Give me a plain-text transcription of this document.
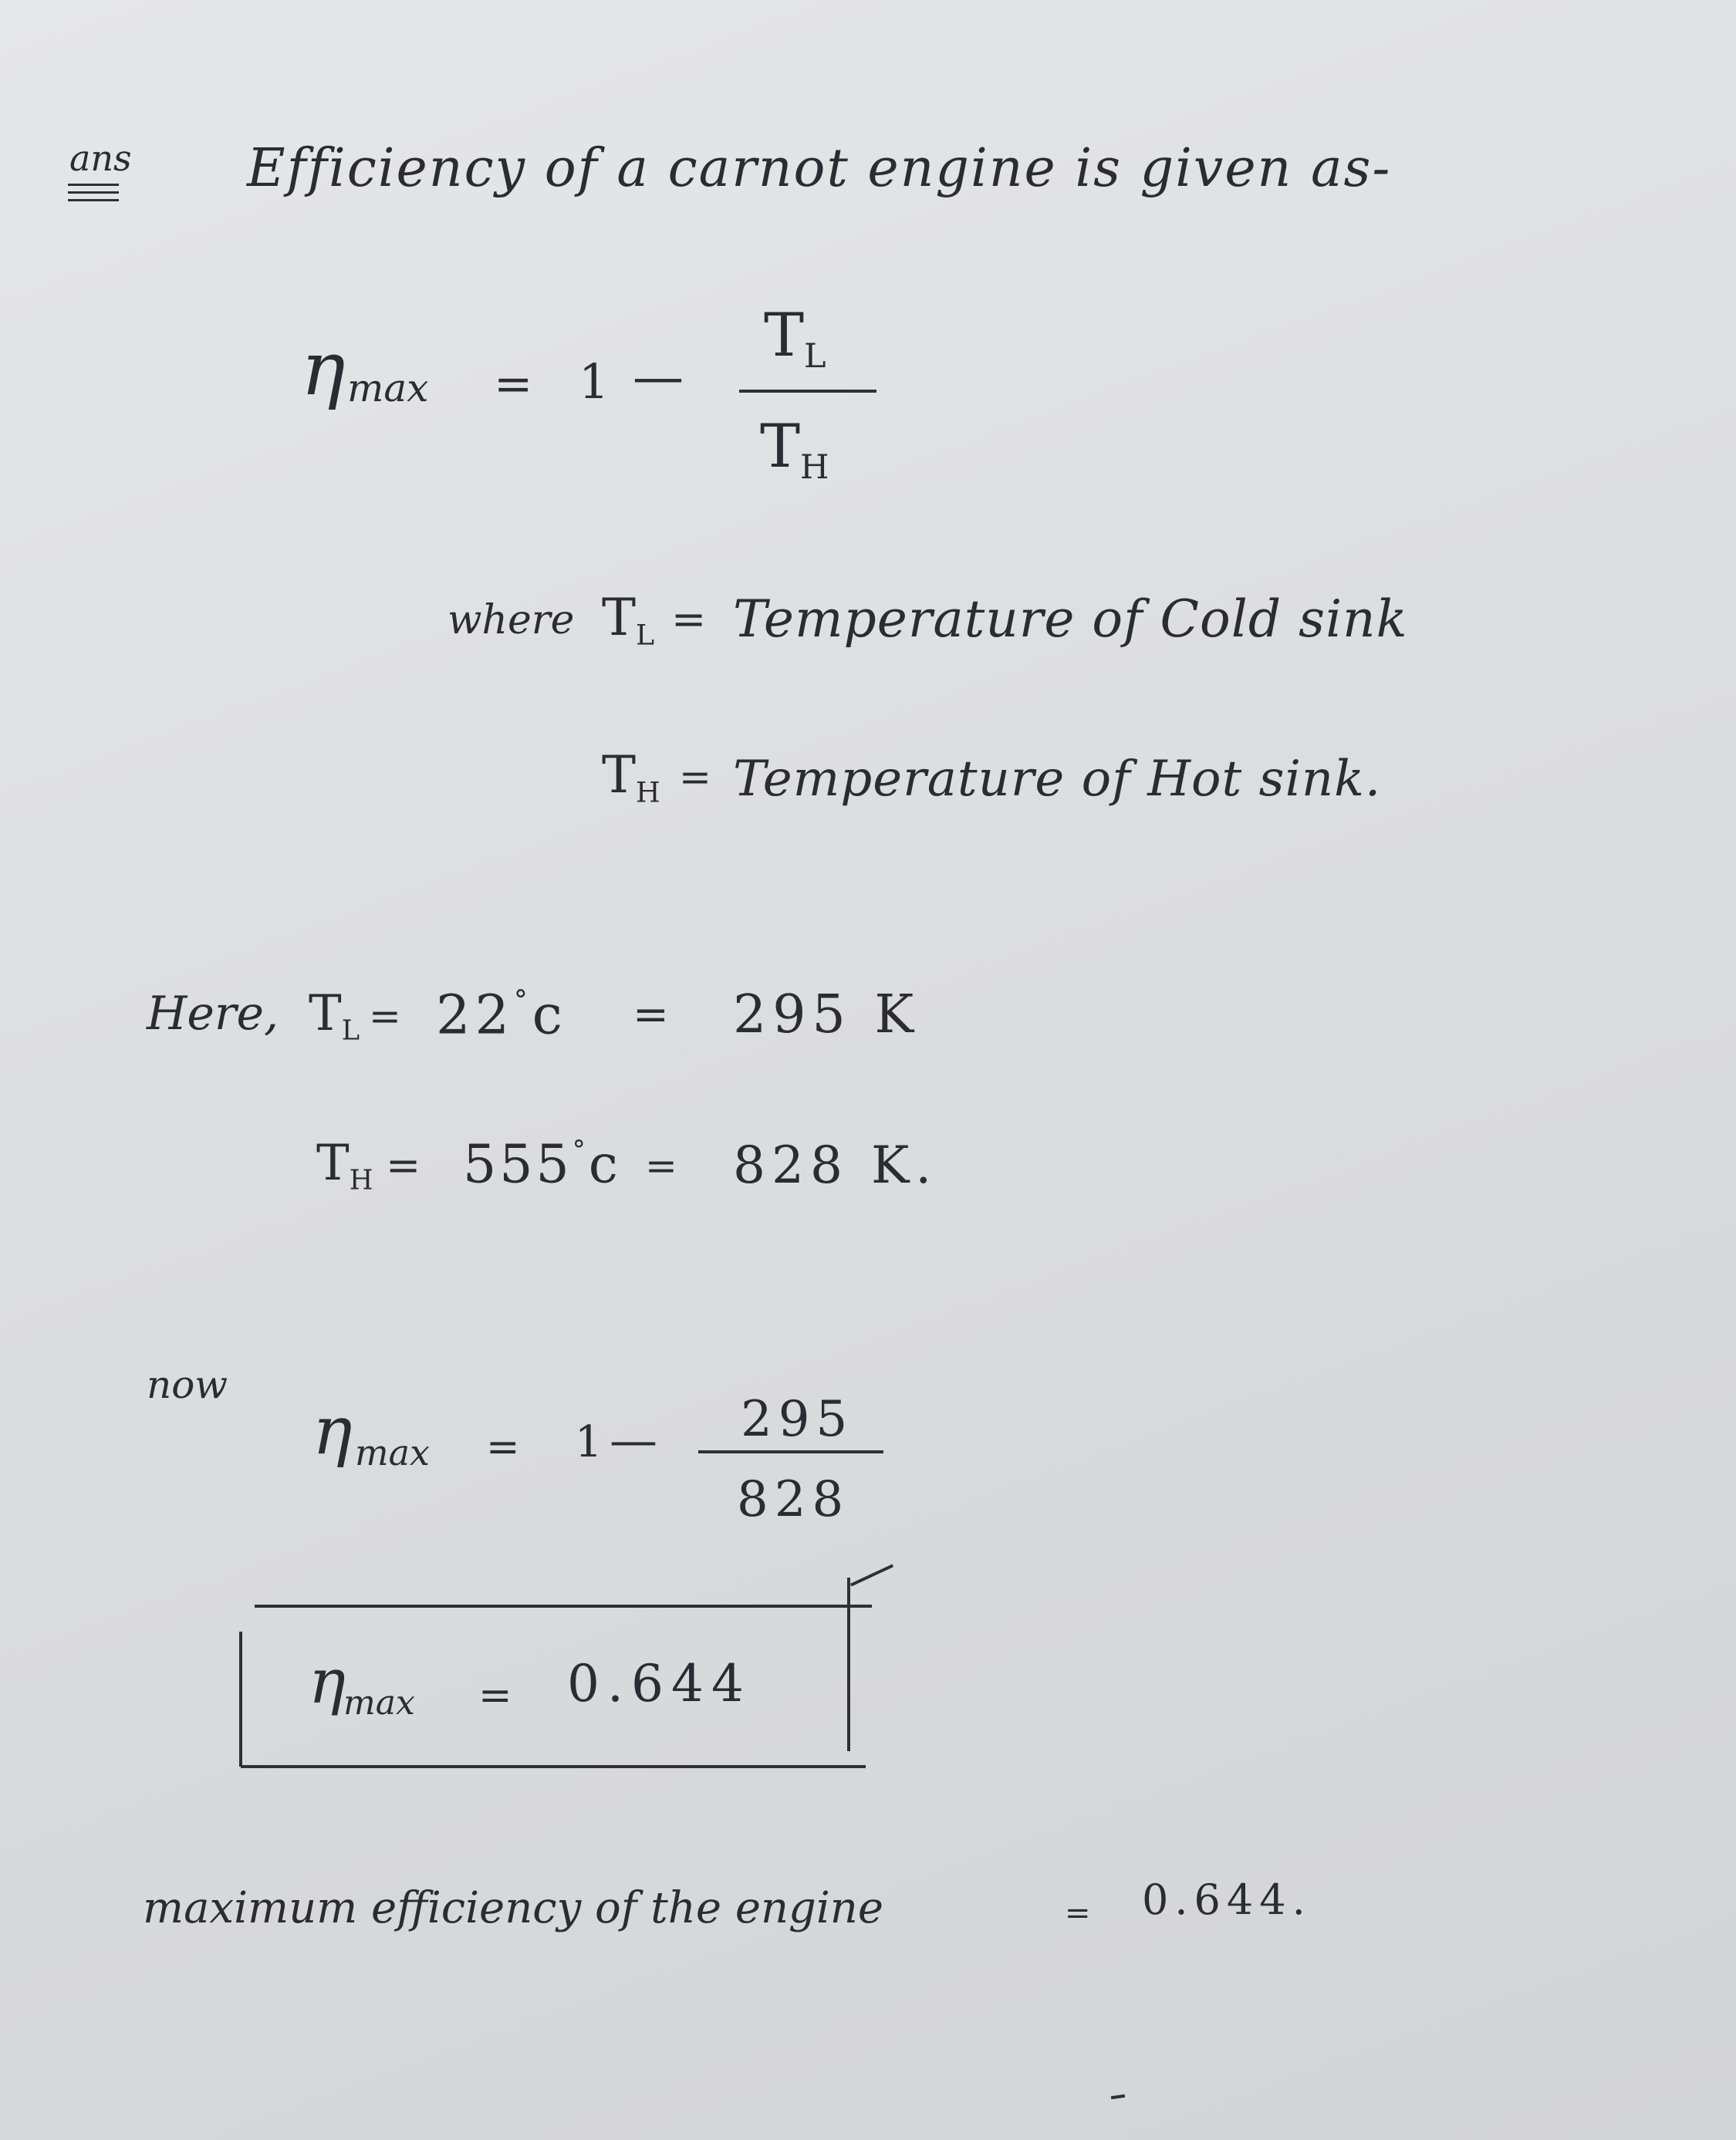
ans Efficiency of a carnot engine is given as-
η max = 1 —
$T_L$
$T_H$
where $T_L$ = Temperature of Cold sink
$T_H$ = Temperature of Hot sink.
Here, $T_L = 22^\circ c = 295$ K
$T_H = 555^\circ c = 828$ K.
now
η max = 1 — 295
828
η
max = 0.644
maximum efficiency of the engine	= 0.644.
